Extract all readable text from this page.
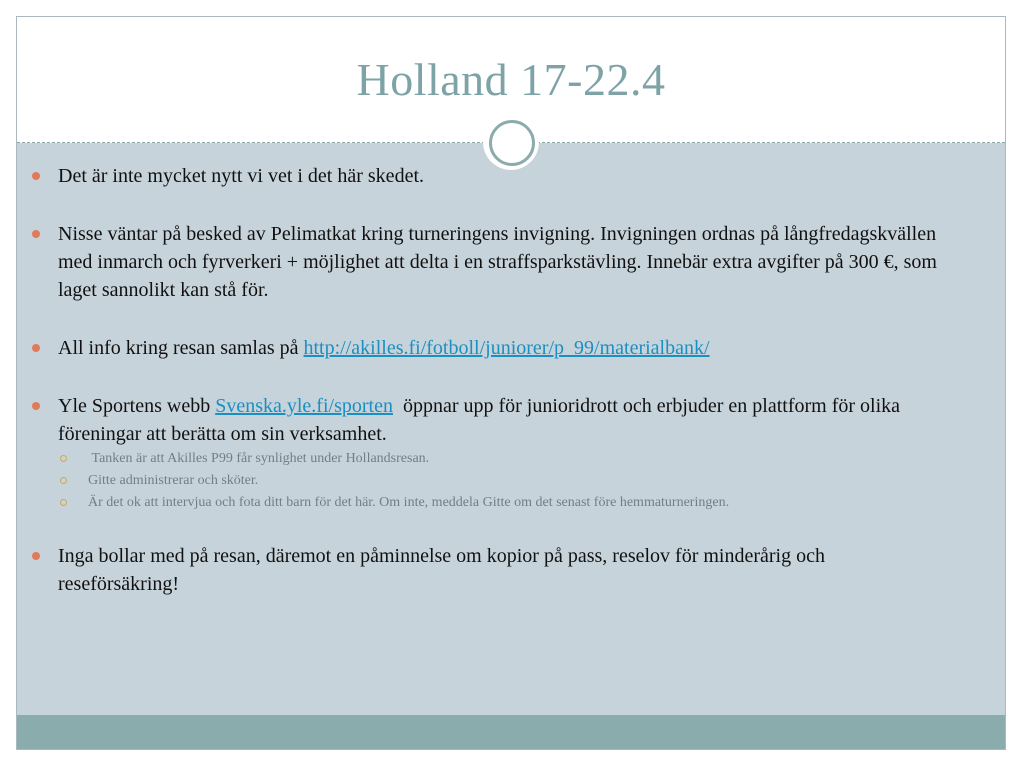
Holland 17-22.4
Det är inte mycket nytt vi vet i det här skedet.
Nisse väntar på besked av Pelimatkat kring turneringens invigning. Invigningen ordnas på långfredagskvällen med inmarch och fyrverkeri + möjlighet att delta i en straffsparkstävling. Innebär extra avgifter på 300 €, som laget sannolikt kan stå för.
All info kring resan samlas på http://akilles.fi/fotboll/juniorer/p_99/materialbank/
Yle Sportens webb Svenska.yle.fi/sporten  öppnar upp för junioridrott och erbjuder en plattform för olika föreningar att berätta om sin verksamhet.
Tanken är att Akilles P99 får synlighet under Hollandsresan.
Gitte administrerar och sköter.
Är det ok att intervjua och fota ditt barn för det här. Om inte, meddela Gitte om det senast före hemmaturneringen.
Inga bollar med på resan, däremot en påminnelse om kopior på pass, reselov för minderårig och reseförsäkring!
